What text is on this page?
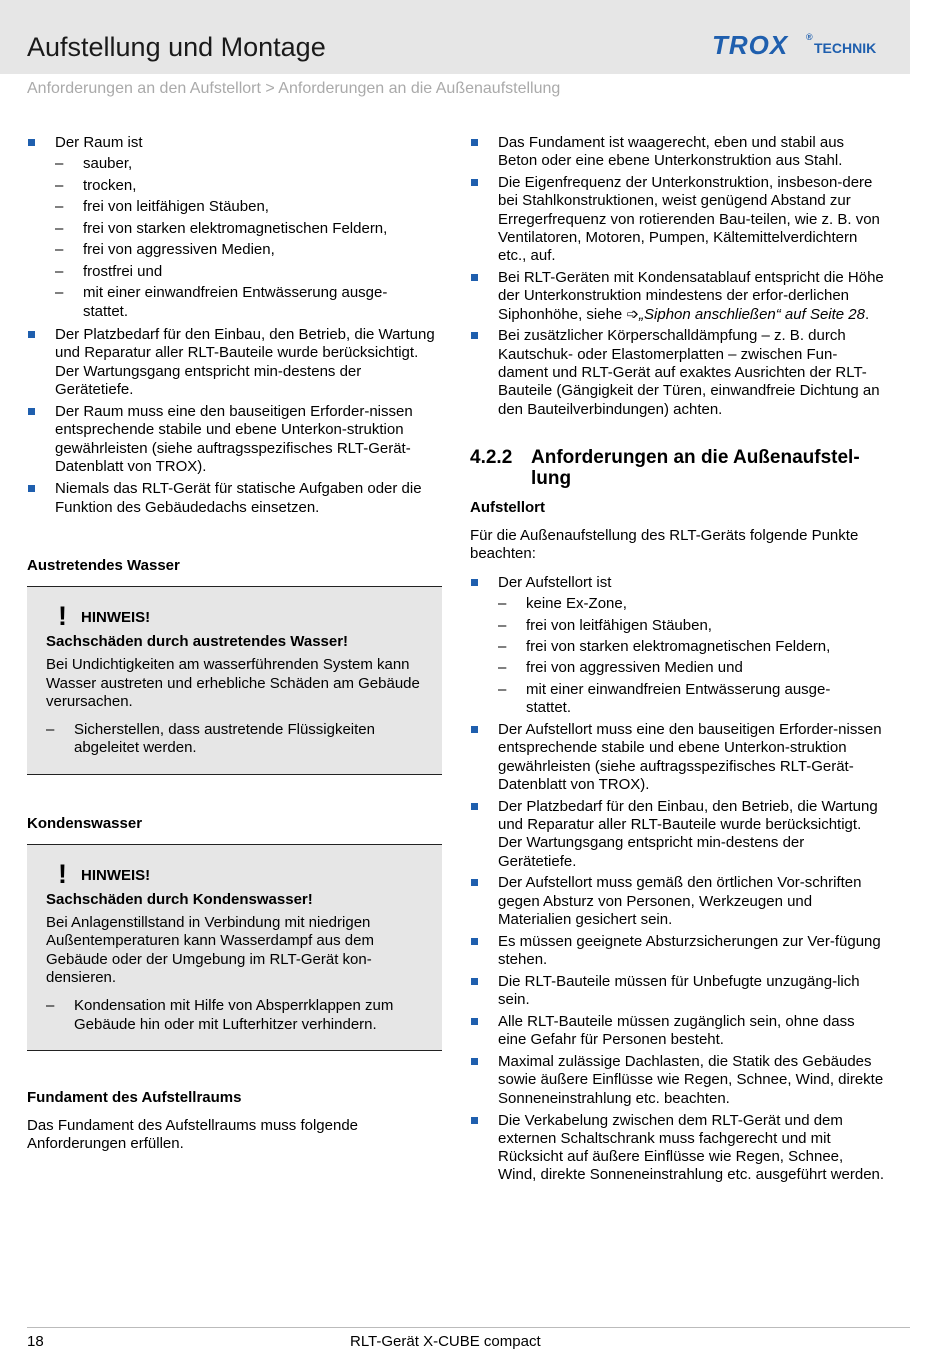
Aufstellung und Montage	TROX ®
TECHNIK
Anforderungen an den Aufstellort > Anforderungen an die Außenaufstellung
Der Raum ist
– sauber,
– trocken,
– frei von leitfähigen Stäuben,
– frei von starken elektromagnetischen Feldern,
– frei von aggressiven Medien,
– frostfrei und
– mit einer einwandfreien Entwässerung ausge-
stattet.
Der Platzbedarf für den Einbau, den Betrieb, die Wartung und Reparatur aller RLT-Bauteile wurde berücksichtigt. Der Wartungsgang entspricht min-destens der Gerätetiefe.
Der Raum muss eine den bauseitigen Erforder-nissen entsprechende stabile und ebene Unterkon-struktion gewährleisten (siehe auftragsspezifisches RLT-Gerät-Datenblatt von TROX).
Niemals das RLT-Gerät für statische Aufgaben oder die Funktion des Gebäudedachs einsetzen.
Austretendes Wasser
! HINWEIS!
Sachschäden durch austretendes Wasser!
Bei Undichtigkeiten am wasserführenden System kann Wasser austreten und erhebliche Schäden am Gebäude verursachen.
– Sicherstellen, dass austretende Flüssigkeiten abgeleitet werden.
Kondenswasser
! HINWEIS!
Sachschäden durch Kondenswasser!
Bei Anlagenstillstand in Verbindung mit niedrigen Außentemperaturen kann Wasserdampf aus dem Gebäude oder der Umgebung im RLT-Gerät kon-densieren.
– Kondensation mit Hilfe von Absperrklappen zum Gebäude hin oder mit Lufterhitzer verhindern.
Fundament des Aufstellraums
Das Fundament des Aufstellraums muss folgende Anforderungen erfüllen.
Das Fundament ist waagerecht, eben und stabil aus Beton oder eine ebene Unterkonstruktion aus Stahl.
Die Eigenfrequenz der Unterkonstruktion, insbeson-dere bei Stahlkonstruktionen, weist genügend Abstand zur Erregerfrequenz von rotierenden Bau-teilen, wie z. B. von Ventilatoren, Motoren, Pumpen, Kältemittelverdichtern etc., auf.
Bei RLT-Geräten mit Kondensatablauf entspricht die Höhe der Unterkonstruktion mindestens der erfor-derlichen Siphonhöhe, siehe ➩„Siphon anschließen“ auf Seite 28.
Bei zusätzlicher Körperschalldämpfung – z. B. durch Kautschuk- oder Elastomerplatten – zwischen Fun-dament und RLT-Gerät auf exaktes Ausrichten der RLT-Bauteile (Gängigkeit der Türen, einwandfreie Dichtung an den Bauteilverbindungen) achten.
4.2.2 Anforderungen an die Außenaufstel-lung
Aufstellort
Für die Außenaufstellung des RLT-Geräts folgende Punkte beachten:
Der Aufstellort ist
– keine Ex-Zone,
– frei von leitfähigen Stäuben,
– frei von starken elektromagnetischen Feldern,
– frei von aggressiven Medien und
– mit einer einwandfreien Entwässerung ausge-
stattet.
Der Aufstellort muss eine den bauseitigen Erforder-nissen entsprechende stabile und ebene Unterkon-struktion gewährleisten (siehe auftragsspezifisches RLT-Gerät-Datenblatt von TROX).
Der Platzbedarf für den Einbau, den Betrieb, die Wartung und Reparatur aller RLT-Bauteile wurde berücksichtigt. Der Wartungsgang entspricht min-destens der Gerätetiefe.
Der Aufstellort muss gemäß den örtlichen Vor-schriften gegen Absturz von Personen, Werkzeugen und Materialien gesichert sein.
Es müssen geeignete Absturzsicherungen zur Ver-fügung stehen.
Die RLT-Bauteile müssen für Unbefugte unzugäng-lich sein.
Alle RLT-Bauteile müssen zugänglich sein, ohne dass eine Gefahr für Personen besteht.
Maximal zulässige Dachlasten, die Statik des Gebäudes sowie äußere Einflüsse wie Regen, Schnee, Wind, direkte Sonneneinstrahlung etc. beachten.
Die Verkabelung zwischen dem RLT-Gerät und dem externen Schaltschrank muss fachgerecht und mit Rücksicht auf äußere Einflüsse wie Regen, Schnee, Wind, direkte Sonneneinstrahlung etc. ausgeführt werden.
18	RLT-Gerät X-CUBE compact
